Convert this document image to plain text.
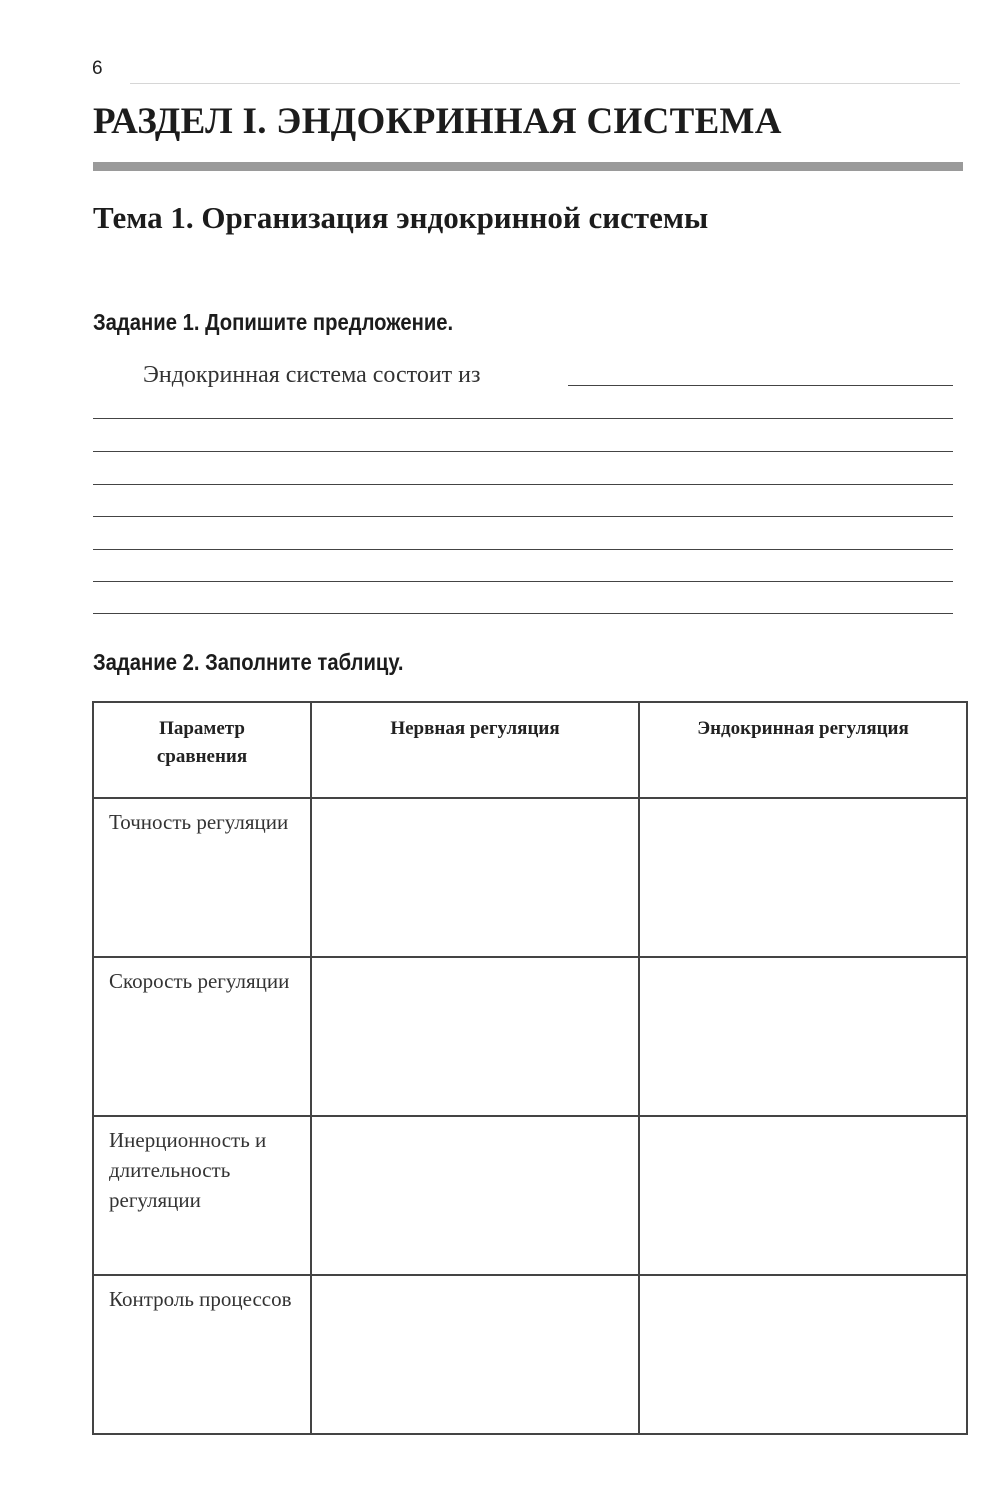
6
РАЗДЕЛ I. ЭНДОКРИННАЯ СИСТЕМА
Тема 1. Организация эндокринной системы
Задание 1. Допишите предложение.
Эндокринная система состоит из
Задание 2. Заполните таблицу.
Параметр сравнения	Нервная регуляция	Эндокринная регуляция
Точность регуляции		
Скорость регуляции		
Инерционность и длительность регуляции		
Контроль процессов		
